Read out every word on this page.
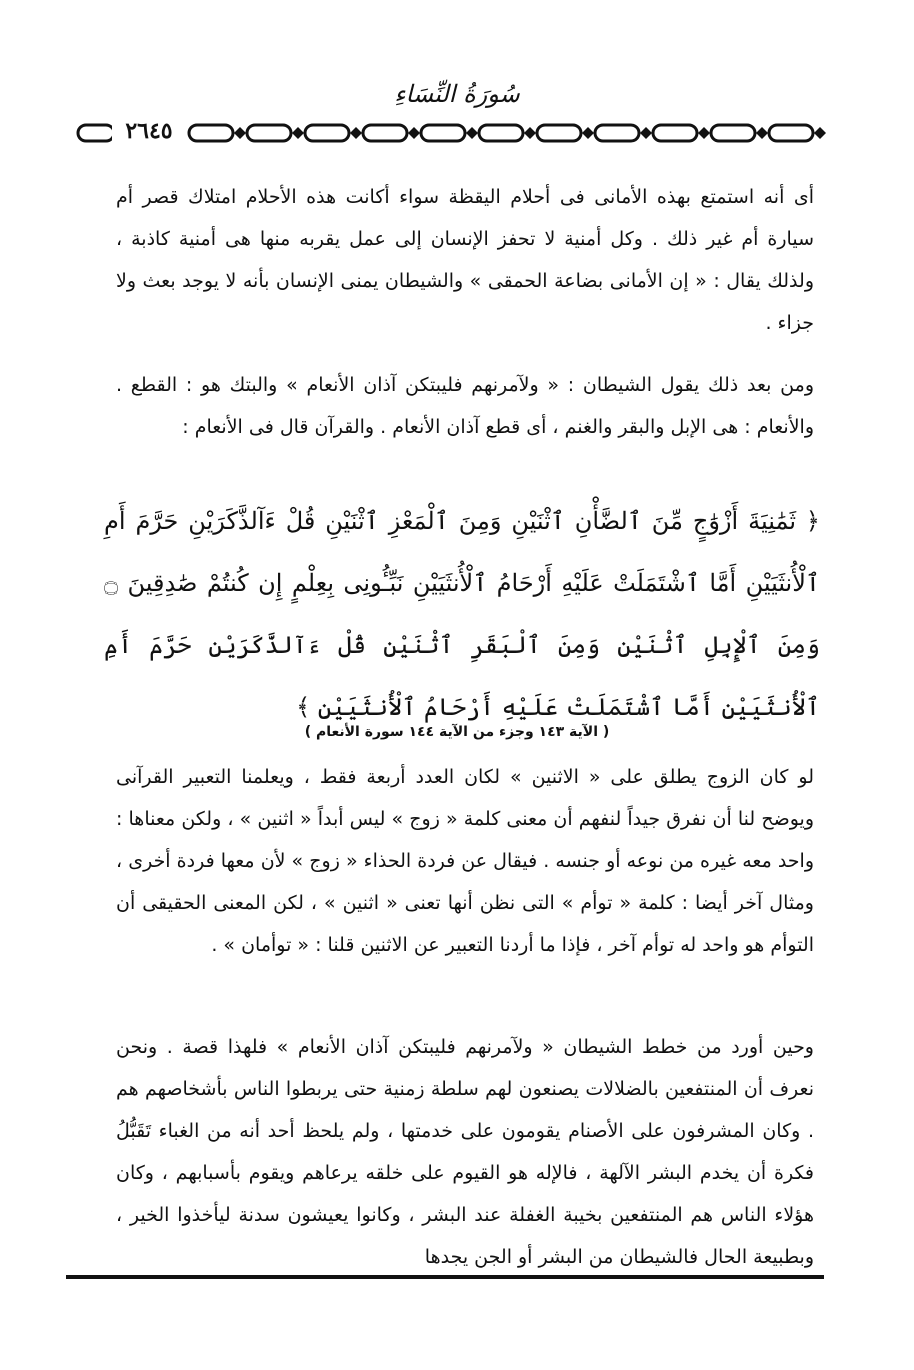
سُورَةُ النِّسَاءِ
٢٦٤٥

أى أنه استمتع بهذه الأمانى فى أحلام اليقظة سواء أكانت هذه الأحلام امتلاك قصر أم سيارة أم غير ذلك . وكل أمنية لا تحفز الإنسان إلى عمل يقربه منها هى أمنية كاذبة ، ولذلك يقال : « إن الأمانى بضاعة الحمقى » والشيطان يمنى الإنسان بأنه لا يوجد بعث ولا جزاء .

ومن بعد ذلك يقول الشيطان : « ولآمرنهم فليبتكن آذان الأنعام » والبتك هو : القطع . والأنعام : هى الإبل والبقر والغنم ، أى قطع آذان الأنعام . والقرآن قال فى الأنعام :

﴿ ثَمَٰنِيَةَ أَزْوَٰجٍ مِّنَ ٱلضَّأْنِ ٱثْنَيْنِ وَمِنَ ٱلْمَعْزِ ٱثْنَيْنِ قُلْ ءَآلذَّكَرَيْنِ حَرَّمَ أَمِ ٱلْأُنثَيَيْنِ أَمَّا ٱشْتَمَلَتْ عَلَيْهِ أَرْحَامُ ٱلْأُنثَيَيْنِ نَبِّـُٔونِى بِعِلْمٍ إِن كُنتُمْ صَٰدِقِينَ ۝ وَمِنَ ٱلْإِبِلِ ٱثْنَيْنِ وَمِنَ ٱلْبَقَرِ ٱثْنَيْنِ قُلْ ءَآلذَّكَرَيْنِ حَرَّمَ أَمِ ٱلْأُنثَيَيْنِ أَمَّا ٱشْتَمَلَتْ عَلَيْهِ أَرْحَامُ ٱلْأُنثَيَيْنِ ﴾

( الآية ١٤٣ وجزء من الآية ١٤٤ سورة الأنعام )

لو كان الزوج يطلق على « الاثنين » لكان العدد أربعة فقط ، ويعلمنا التعبير القرآنى ويوضح لنا أن نفرق جيداً لنفهم أن معنى كلمة « زوج » ليس أبداً « اثنين » ، ولكن معناها : واحد معه غيره من نوعه أو جنسه . فيقال عن فردة الحذاء « زوج » لأن معها فردة أخرى ، ومثال آخر أيضا : كلمة « توأم » التى نظن أنها تعنى « اثنين » ، لكن المعنى الحقيقى أن التوأم هو واحد له توأم آخر ، فإذا ما أردنا التعبير عن الاثنين قلنا : « توأمان » .

وحين أورد من خطط الشيطان « ولآمرنهم فليبتكن آذان الأنعام » فلهذا قصة . ونحن نعرف أن المنتفعين بالضلالات يصنعون لهم سلطة زمنية حتى يربطوا الناس بأشخاصهم هم . وكان المشرفون على الأصنام يقومون على خدمتها ، ولم يلحظ أحد أنه من الغباء تَقَبُّلُ فكرة أن يخدم البشر الآلهة ، فالإله هو القيوم على خلقه يرعاهم ويقوم بأسبابهم ، وكان هؤلاء الناس هم المنتفعين بخيبة الغفلة عند البشر ، وكانوا يعيشون سدنة ليأخذوا الخير ، وبطبيعة الحال فالشيطان من البشر أو الجن يجدها
